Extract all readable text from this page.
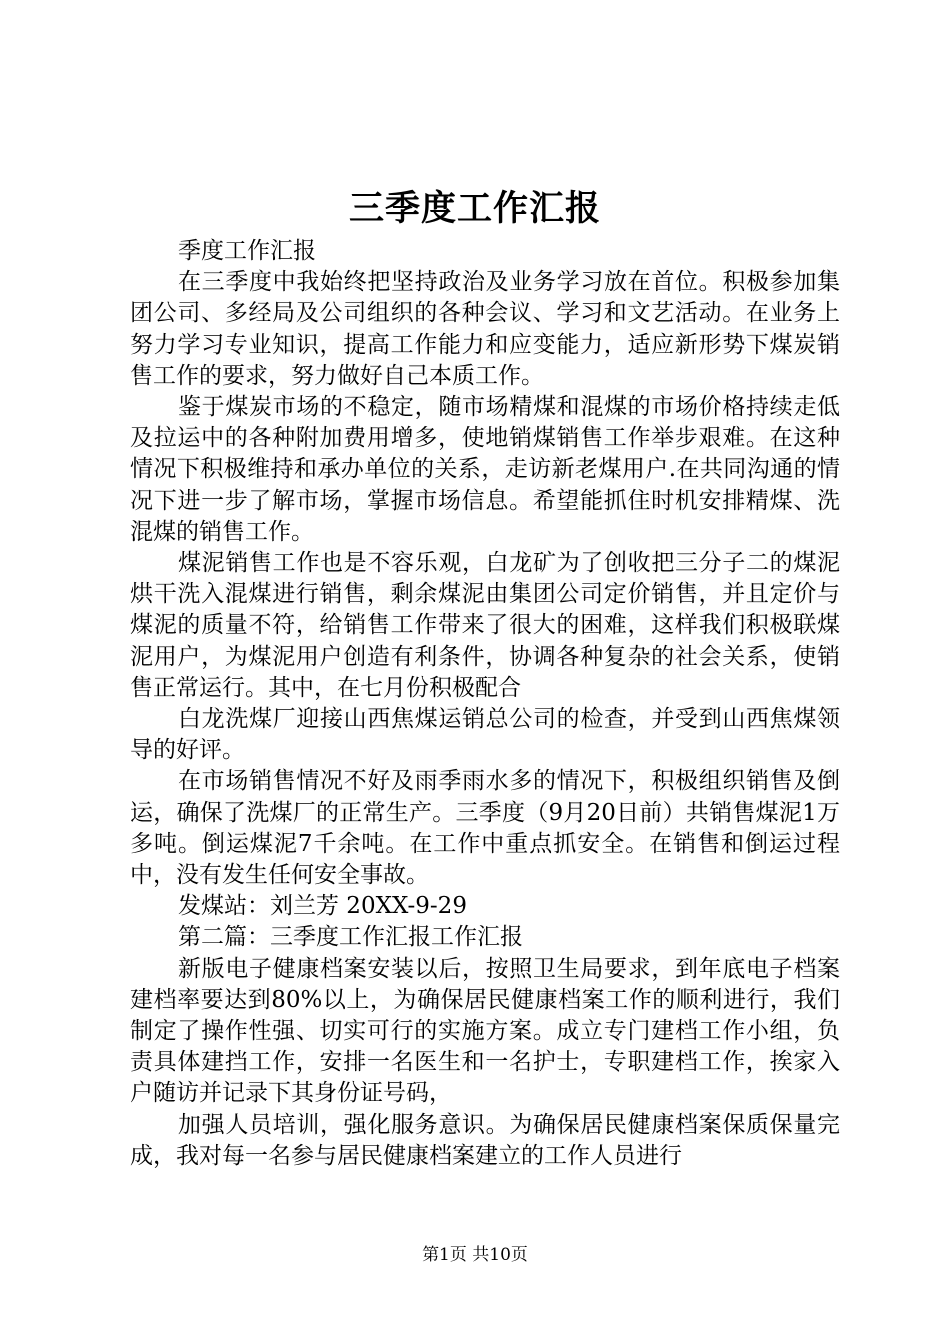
三季度工作汇报

季度工作汇报

在三季度中我始终把坚持政治及业务学习放在首位。积极参加集团公司、多经局及公司组织的各种会议、学习和文艺活动。在业务上努力学习专业知识，提高工作能力和应变能力，适应新形势下煤炭销售工作的要求，努力做好自己本质工作。

鉴于煤炭市场的不稳定，随市场精煤和混煤的市场价格持续走低及拉运中的各种附加费用增多，使地销煤销售工作举步艰难。在这种情况下积极维持和承办单位的关系，走访新老煤用户.在共同沟通的情况下进一步了解市场，掌握市场信息。希望能抓住时机安排精煤、洗混煤的销售工作。

煤泥销售工作也是不容乐观，白龙矿为了创收把三分子二的煤泥烘干洗入混煤进行销售，剩余煤泥由集团公司定价销售，并且定价与煤泥的质量不符，给销售工作带来了很大的困难，这样我们积极联煤泥用户，为煤泥用户创造有利条件，协调各种复杂的社会关系，使销售正常运行。其中，在七月份积极配合

白龙洗煤厂迎接山西焦煤运销总公司的检查，并受到山西焦煤领导的好评。

在市场销售情况不好及雨季雨水多的情况下，积极组织销售及倒运，确保了洗煤厂的正常生产。三季度（9月20日前）共销售煤泥1万多吨。倒运煤泥7千余吨。在工作中重点抓安全。在销售和倒运过程中，没有发生任何安全事故。

发煤站：刘兰芳 20XX-9-29

第二篇：三季度工作汇报工作汇报

新版电子健康档案安装以后，按照卫生局要求，到年底电子档案建档率要达到80%以上，为确保居民健康档案工作的顺利进行，我们制定了操作性强、切实可行的实施方案。成立专门建档工作小组，负责具体建挡工作，安排一名医生和一名护士，专职建档工作，挨家入户随访并记录下其身份证号码，

加强人员培训，强化服务意识。为确保居民健康档案保质保量完成，我对每一名参与居民健康档案建立的工作人员进行

第1页 共10页
